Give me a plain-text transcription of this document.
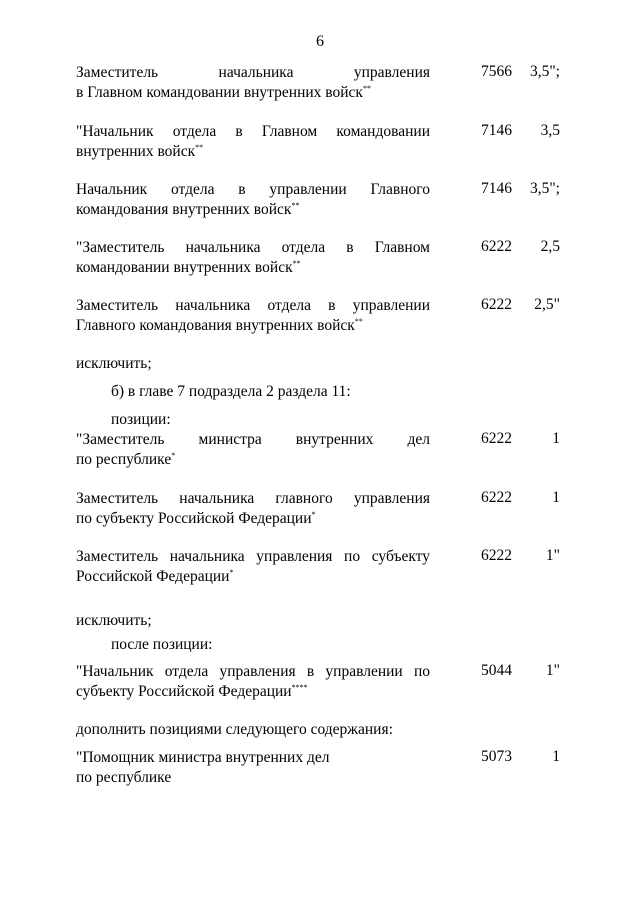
6
Заместитель начальника управления
в Главном командовании внутренних войск**
7566 3,5";
"Начальник отдела в Главном командовании
внутренних войск**
7146 3,5
Начальник отдела в управлении Главного
командования внутренних войск**
7146 3,5";
"Заместитель начальника отдела в Главном
командовании внутренних войск**
6222 2,5
Заместитель начальника отдела в управлении
Главного командования внутренних войск**
6222 2,5"
исключить;
б) в главе 7 подраздела 2 раздела 11:
позиции:
"Заместитель министра внутренних дел
по республике*
6222	1
Заместитель начальника главного управления
по субъекту Российской Федерации*
6222	1
Заместитель начальника управления по субъекту
Российской Федерации*
6222 1"
исключить;
после позиции:
"Начальник отдела управления в управлении по
субъекту Российской Федерации****
5044 1"
дополнить позициями следующего содержания:
"Помощник министра внутренних дел
по республике
5073	1
